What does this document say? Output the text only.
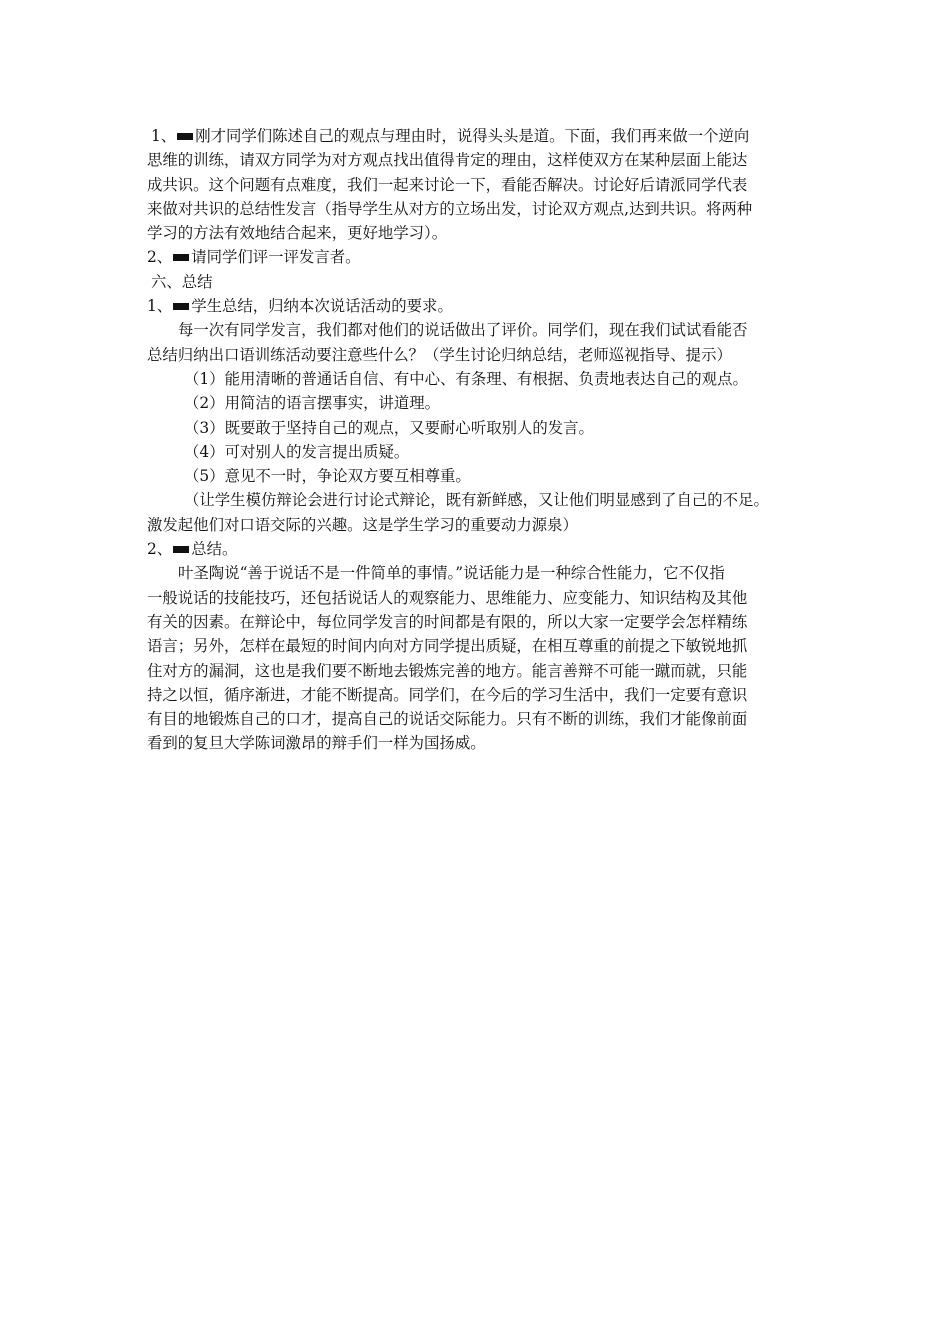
1、 刚才同学们陈述自己的观点与理由时，说得头头是道。下面，我们再来做一个逆向
思维的训练，请双方同学为对方观点找出值得肯定的理由，这样使双方在某种层面上能达
成共识。这个问题有点难度，我们一起来讨论一下，看能否解决。讨论好后请派同学代表
来做对共识的总结性发言（指导学生从对方的立场出发，讨论双方观点,达到共识。将两种
学习的方法有效地结合起来，更好地学习）。
2、 请同学们评一评发言者。
六、总结
1、 学生总结，归纳本次说话活动的要求。
每一次有同学发言，我们都对他们的说话做出了评价。同学们，现在我们试试看能否
总结归纳出口语训练活动要注意些什么？（学生讨论归纳总结，老师巡视指导、提示）
（1）能用清晰的普通话自信、有中心、有条理、有根据、负责地表达自己的观点。
（2）用简洁的语言摆事实，讲道理。
（3）既要敢于坚持自己的观点，又要耐心听取别人的发言。
（4）可对别人的发言提出质疑。
（5）意见不一时，争论双方要互相尊重。
（让学生模仿辩论会进行讨论式辩论，既有新鲜感，又让他们明显感到了自己的不足。
激发起他们对口语交际的兴趣。这是学生学习的重要动力源泉）
2、 总结。
叶圣陶说“善于说话不是一件简单的事情。”说话能力是一种综合性能力，它不仅指
一般说话的技能技巧，还包括说话人的观察能力、思维能力、应变能力、知识结构及其他
有关的因素。在辩论中，每位同学发言的时间都是有限的，所以大家一定要学会怎样精练
语言；另外，怎样在最短的时间内向对方同学提出质疑，在相互尊重的前提之下敏锐地抓
住对方的漏洞，这也是我们要不断地去锻炼完善的地方。能言善辩不可能一蹴而就，只能
持之以恒，循序渐进，才能不断提高。同学们，在今后的学习生活中，我们一定要有意识
有目的地锻炼自己的口才，提高自己的说话交际能力。只有不断的训练，我们才能像前面
看到的复旦大学陈词激昂的辩手们一样为国扬威。
